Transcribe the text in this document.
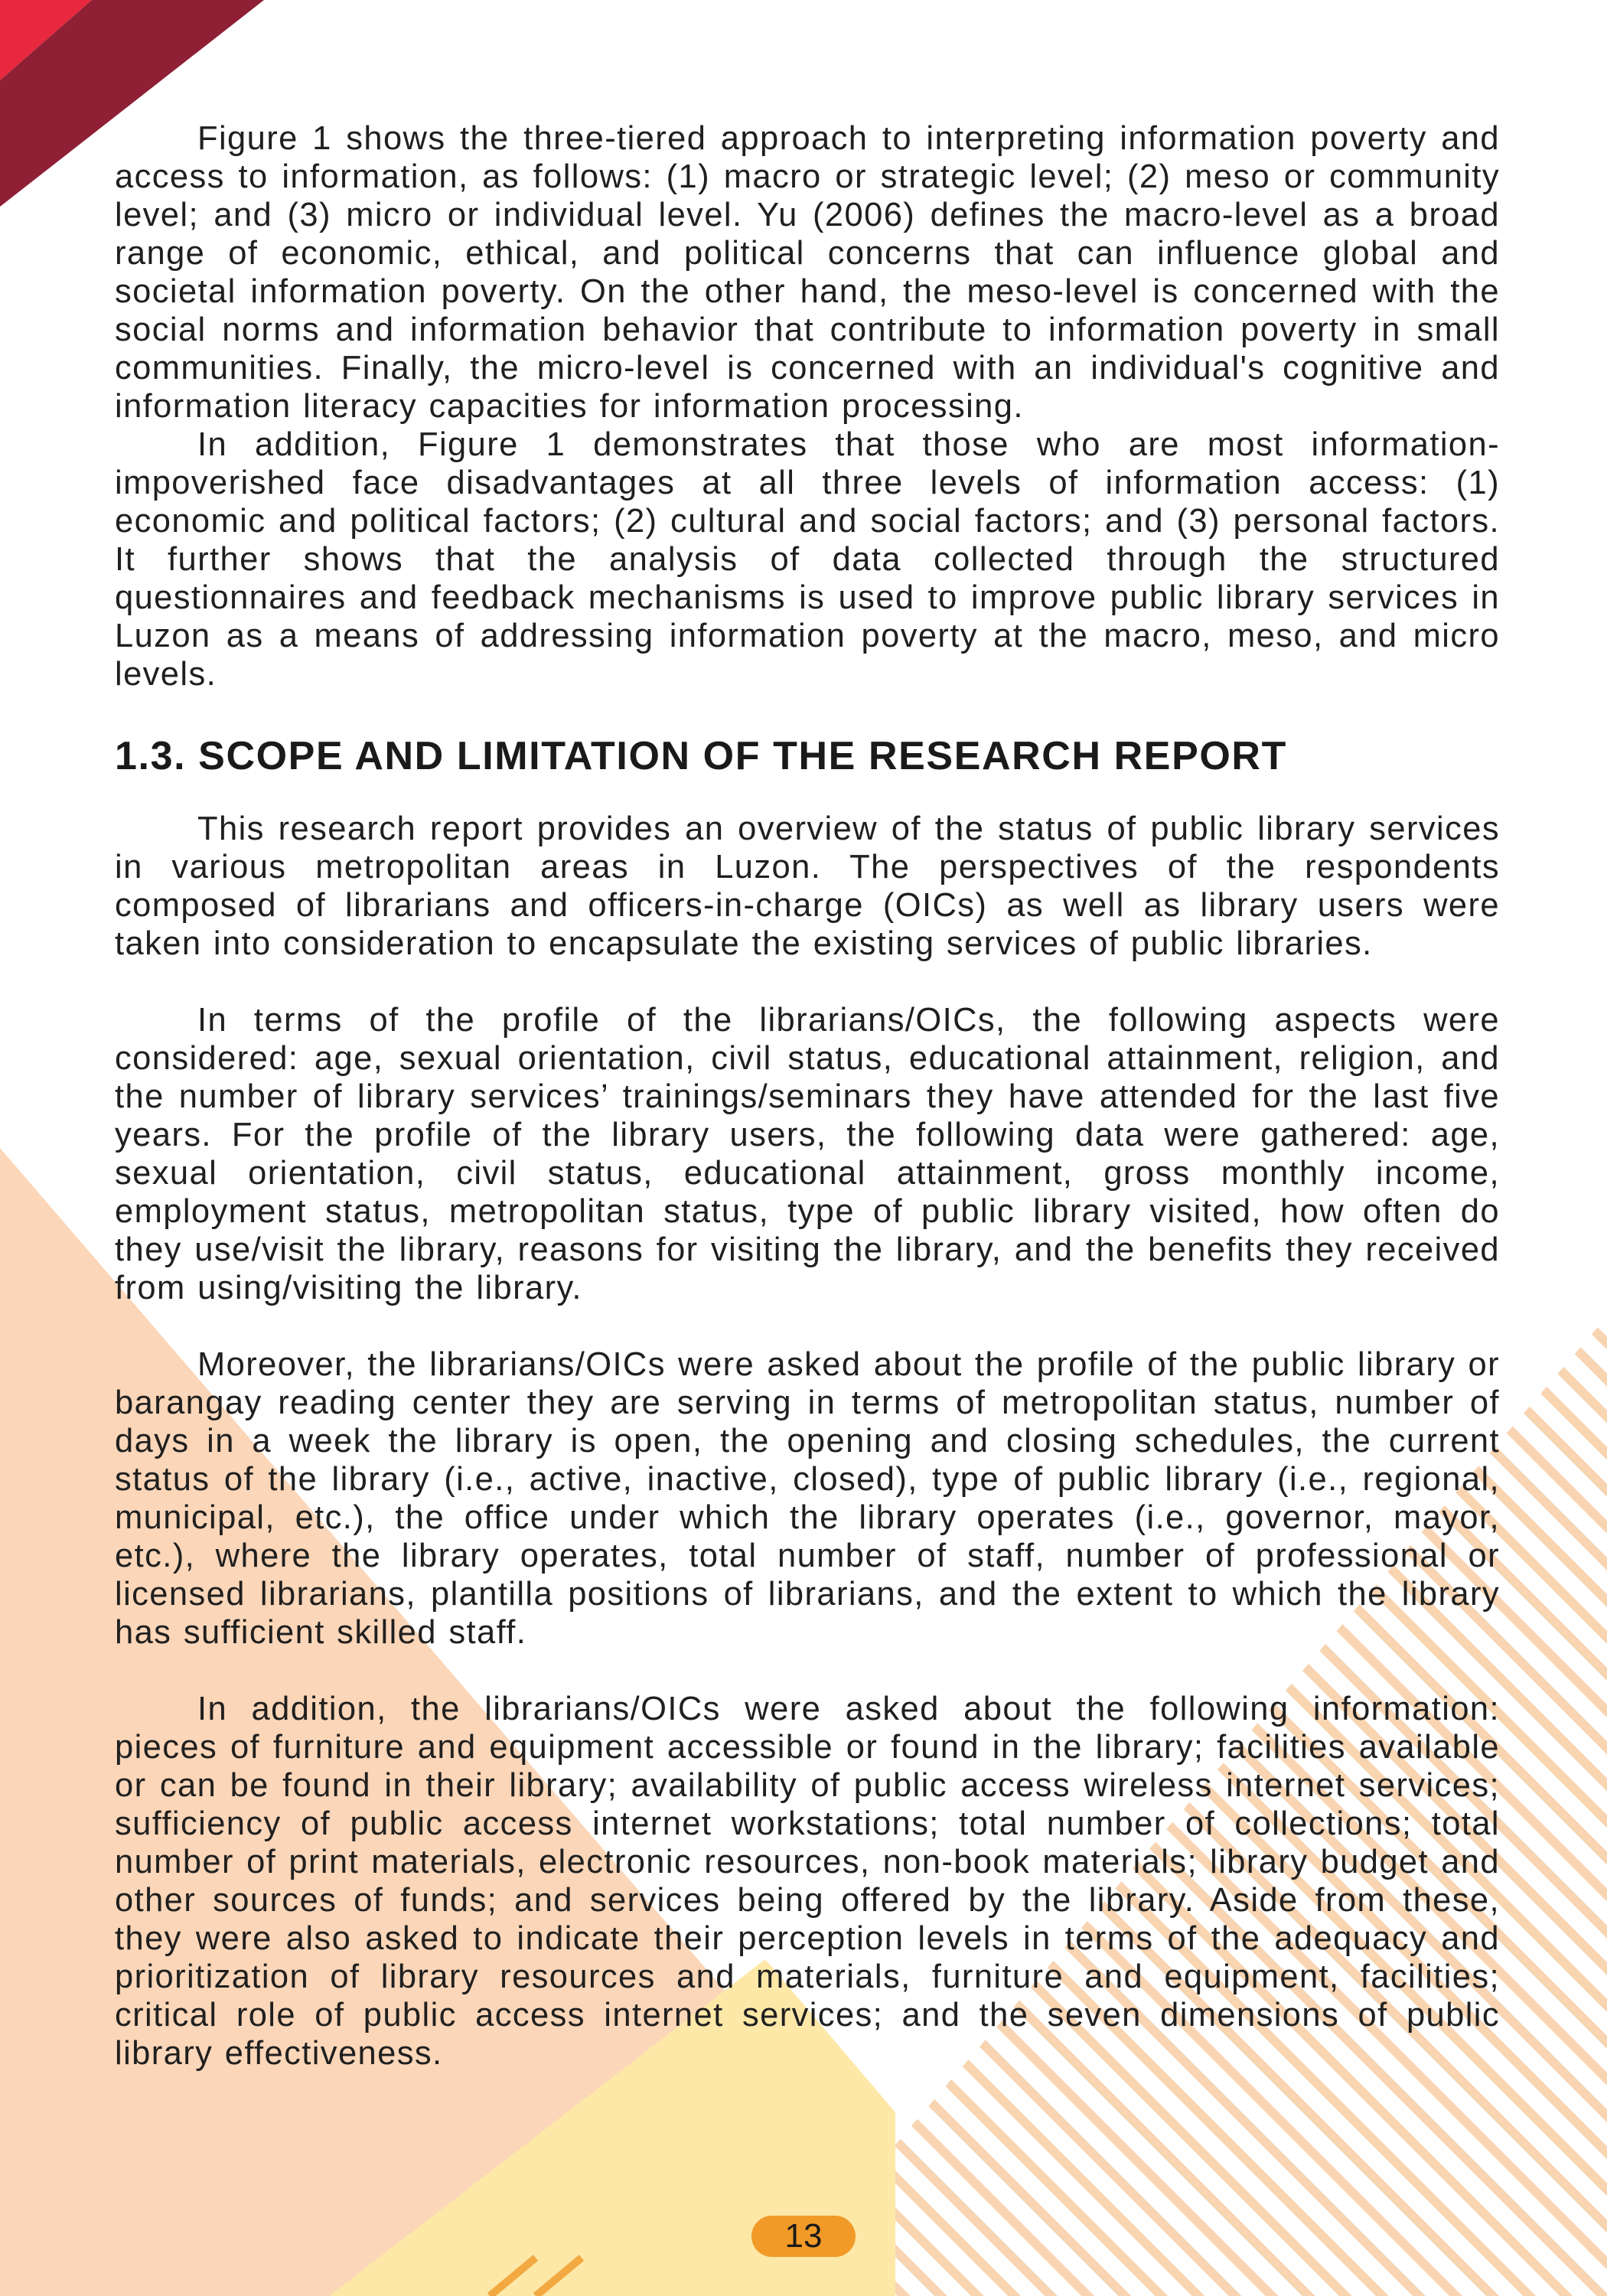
Figure 1 shows the three-tiered approach to interpreting information poverty and access to information, as follows: (1) macro or strategic level; (2) meso or community level; and (3) micro or individual level. Yu (2006) defines the macro-level as a broad range of economic, ethical, and political concerns that can influence global and societal information poverty. On the other hand, the meso-level is concerned with the social norms and information behavior that contribute to information poverty in small communities. Finally, the micro-level is concerned with an individual's cognitive and information literacy capacities for information processing.

In addition, Figure 1 demonstrates that those who are most information-impoverished face disadvantages at all three levels of information access: (1) economic and political factors; (2) cultural and social factors; and (3) personal factors. It further shows that the analysis of data collected through the structured questionnaires and feedback mechanisms is used to improve public library services in Luzon as a means of addressing information poverty at the macro, meso, and micro levels.

1.3. SCOPE AND LIMITATION OF THE RESEARCH REPORT

This research report provides an overview of the status of public library services in various metropolitan areas in Luzon. The perspectives of the respondents composed of librarians and officers-in-charge (OICs) as well as library users were taken into consideration to encapsulate the existing services of public libraries.

In terms of the profile of the librarians/OICs, the following aspects were considered: age, sexual orientation, civil status, educational attainment, religion, and the number of library services’ trainings/seminars they have attended for the last five years. For the profile of the library users, the following data were gathered: age, sexual orientation, civil status, educational attainment, gross monthly income, employment status, metropolitan status, type of public library visited, how often do they use/visit the library, reasons for visiting the library, and the benefits they received from using/visiting the library.

Moreover, the librarians/OICs were asked about the profile of the public library or barangay reading center they are serving in terms of metropolitan status, number of days in a week the library is open, the opening and closing schedules, the current status of the library (i.e., active, inactive, closed), type of public library (i.e., regional, municipal, etc.), the office under which the library operates (i.e., governor, mayor, etc.), where the library operates, total number of staff, number of professional or licensed librarians, plantilla positions of librarians, and the extent to which the library has sufficient skilled staff.

In addition, the librarians/OICs were asked about the following information: pieces of furniture and equipment accessible or found in the library; facilities available or can be found in their library; availability of public access wireless internet services; sufficiency of public access internet workstations; total number of collections; total number of print materials, electronic resources, non-book materials; library budget and other sources of funds; and services being offered by the library. Aside from these, they were also asked to indicate their perception levels in terms of the adequacy and prioritization of library resources and materials, furniture and equipment, facilities; critical role of public access internet services; and the seven dimensions of public library effectiveness.

13
